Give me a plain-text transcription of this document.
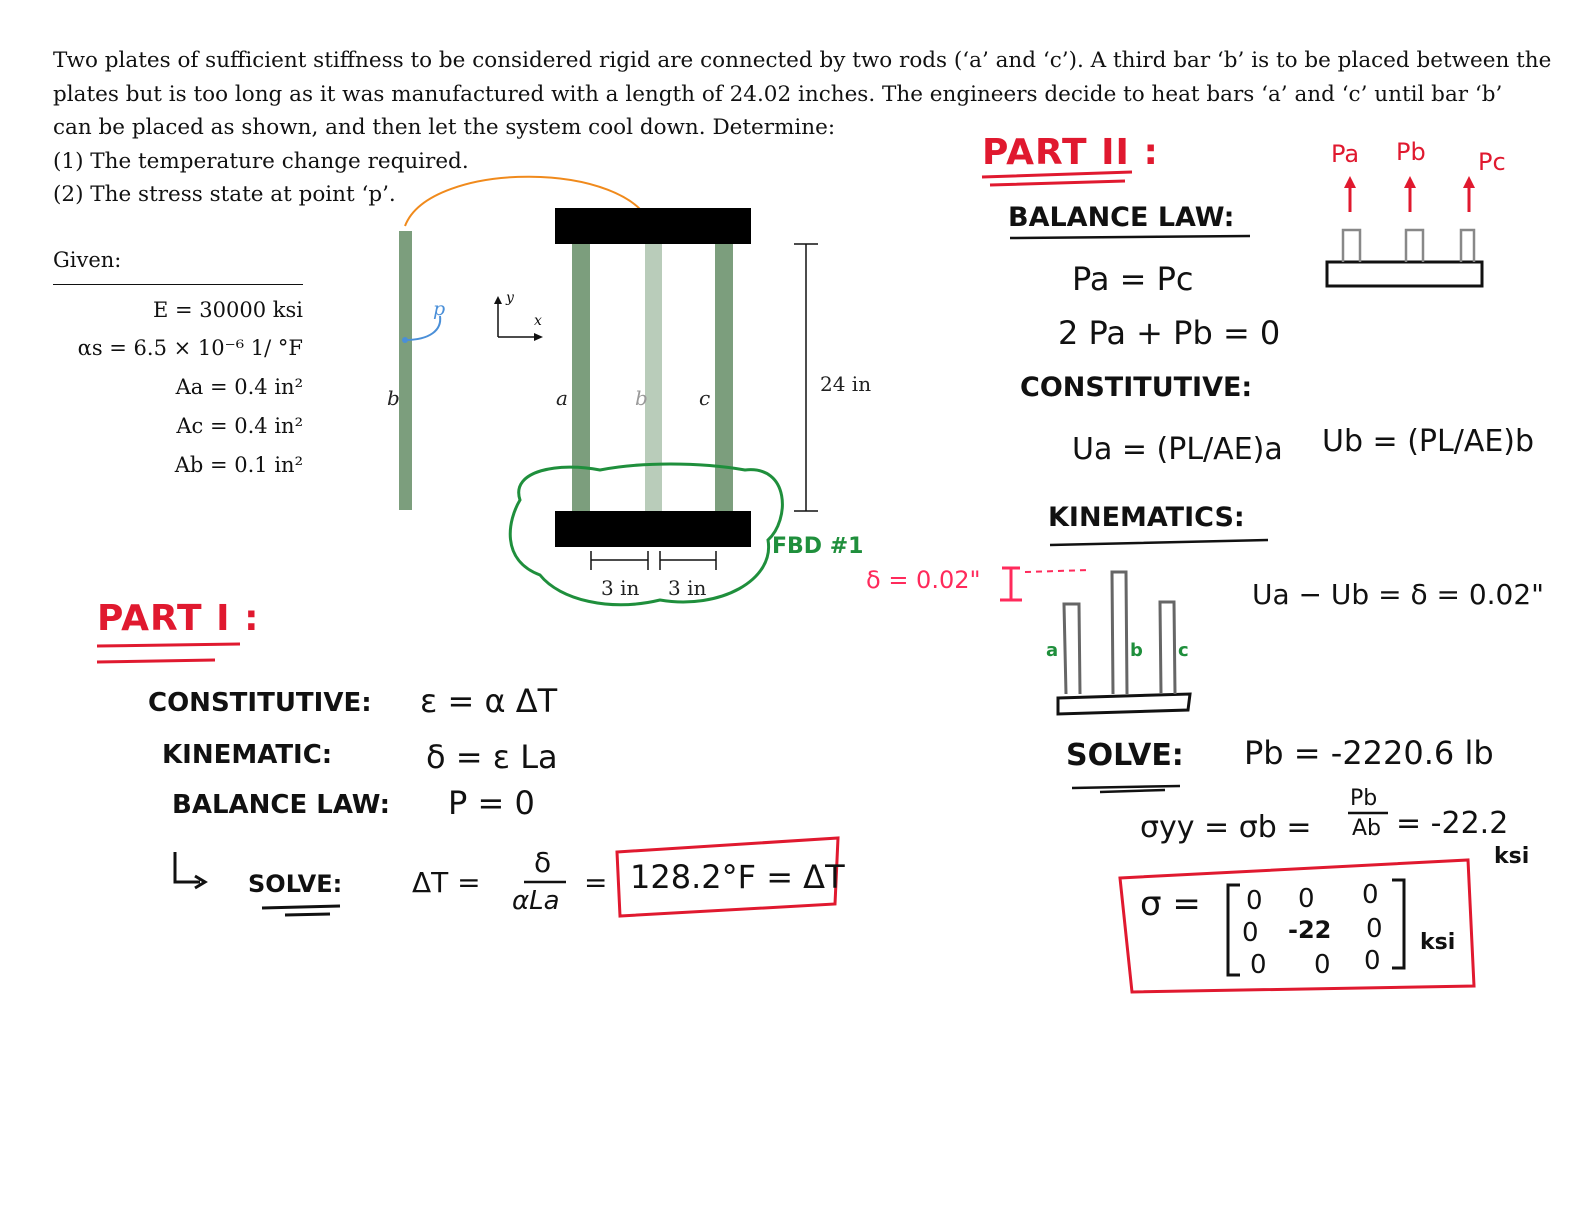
Two plates of sufficient stiffness to be considered rigid are connected by two rods (‘a’ and ‘c’). A third bar ‘b’ is to be placed between the

plates but is too long as it was manufactured with a length of 24.02 inches. The engineers decide to heat bars ‘a’ and ‘c’ until bar ‘b’

can be placed as shown, and then let the system cool down. Determine:

(1) The temperature change required.

(2) The stress state at point ‘p’.

Given:
E = 30000 ksi
αs = 6.5 × 10⁻⁶ 1/ °F
Aa = 0.4 in²
Ac = 0.4 in²
Ab = 0.1 in²
b
p	y
x
a	b	c
24 in
3 in 3 in
FBD #1
PART I :
CONSTITUTIVE: ε = α ΔT
KINEMATIC:	δ = ε La
BALANCE LAW: P = 0
SOLVE: ΔT =
δ
αLa
= 128.2°F = ΔT
PART II :	Pa Pb Pc
BALANCE LAW:
Pa = Pc
2 Pa + Pb = 0
CONSTITUTIVE:
Ua = (PL/AE)a Ub = (PL/AE)b
KINEMATICS:
δ = 0.02"
a	b c
Ua − Ub = δ = 0.02"
SOLVE: Pb = -2220.6 lb
σyy = σb =
Pb
Ab = -22.2
ksi
σ = 0 0 0
0 -22 0
0 0 0
ksi
